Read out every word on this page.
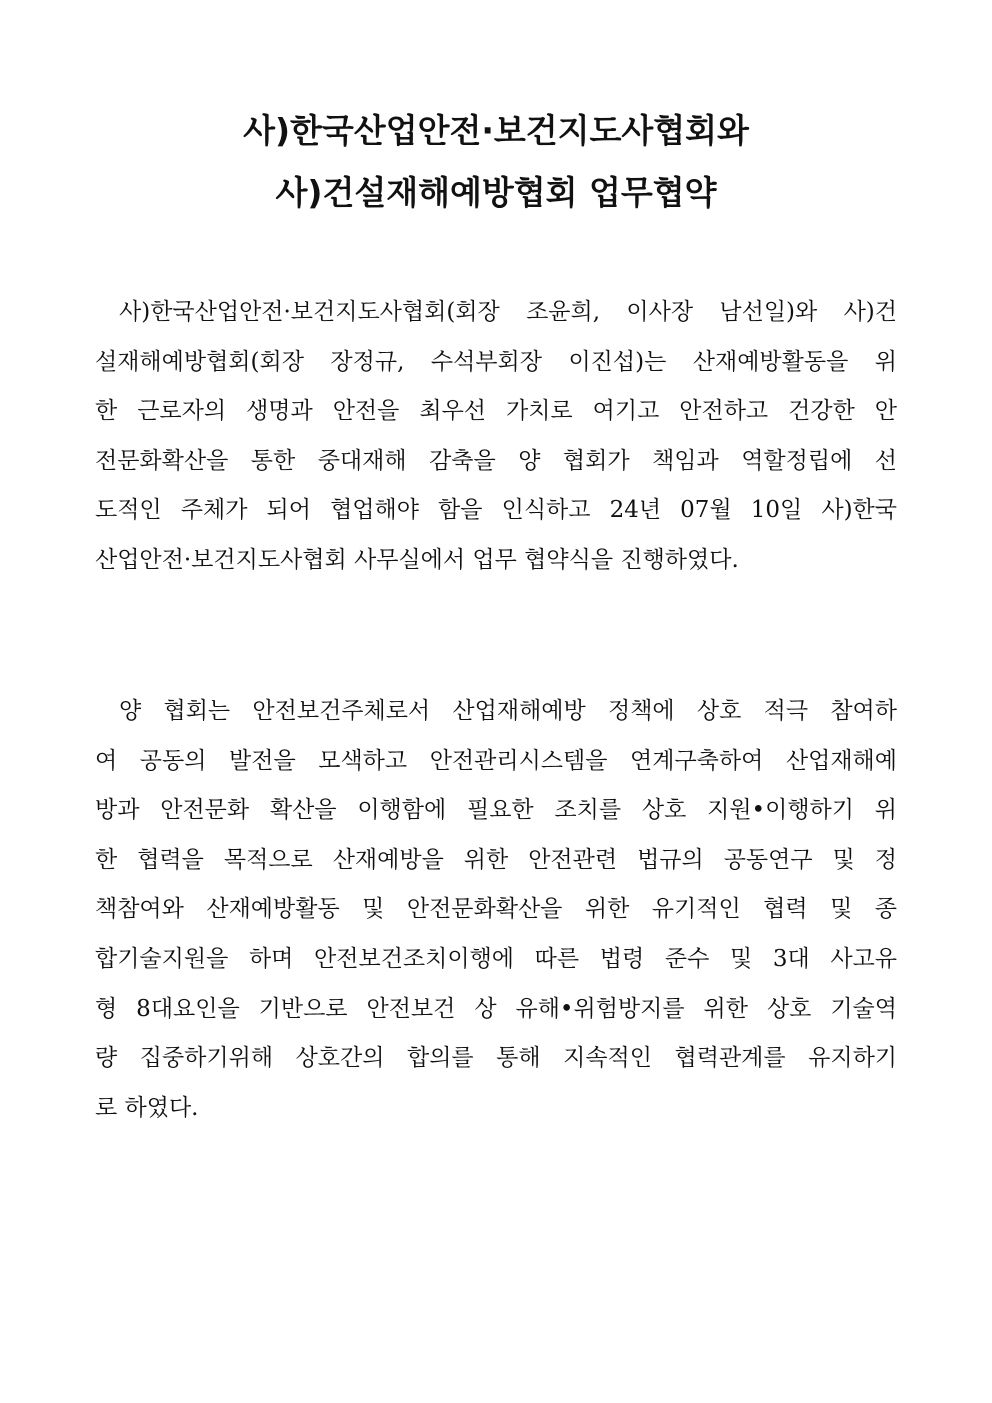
사)한국산업안전·보건지도사협회와
사)건설재해예방협회 업무협약
사)한국산업안전·보건지도사협회(회장 조윤희, 이사장 남선일)와 사)건
설재해예방협회(회장 장정규, 수석부회장 이진섭)는 산재예방활동을 위
한 근로자의 생명과 안전을 최우선 가치로 여기고 안전하고 건강한 안
전문화확산을 통한 중대재해 감축을 양 협회가 책임과 역할정립에 선
도적인 주체가 되어 협업해야 함을 인식하고 24년 07월 10일 사)한국
산업안전·보건지도사협회 사무실에서 업무 협약식을 진행하였다.
양 협회는 안전보건주체로서 산업재해예방 정책에 상호 적극 참여하
여 공동의 발전을 모색하고 안전관리시스템을 연계구축하여 산업재해예
방과 안전문화 확산을 이행함에 필요한 조치를 상호 지원•이행하기 위
한 협력을 목적으로 산재예방을 위한 안전관련 법규의 공동연구 및 정
책참여와 산재예방활동 및 안전문화확산을 위한 유기적인 협력 및 종
합기술지원을 하며 안전보건조치이행에 따른 법령 준수 및 3대 사고유
형 8대요인을 기반으로 안전보건 상 유해•위험방지를 위한 상호 기술역
량 집중하기위해 상호간의 합의를 통해 지속적인 협력관계를 유지하기
로 하였다.
